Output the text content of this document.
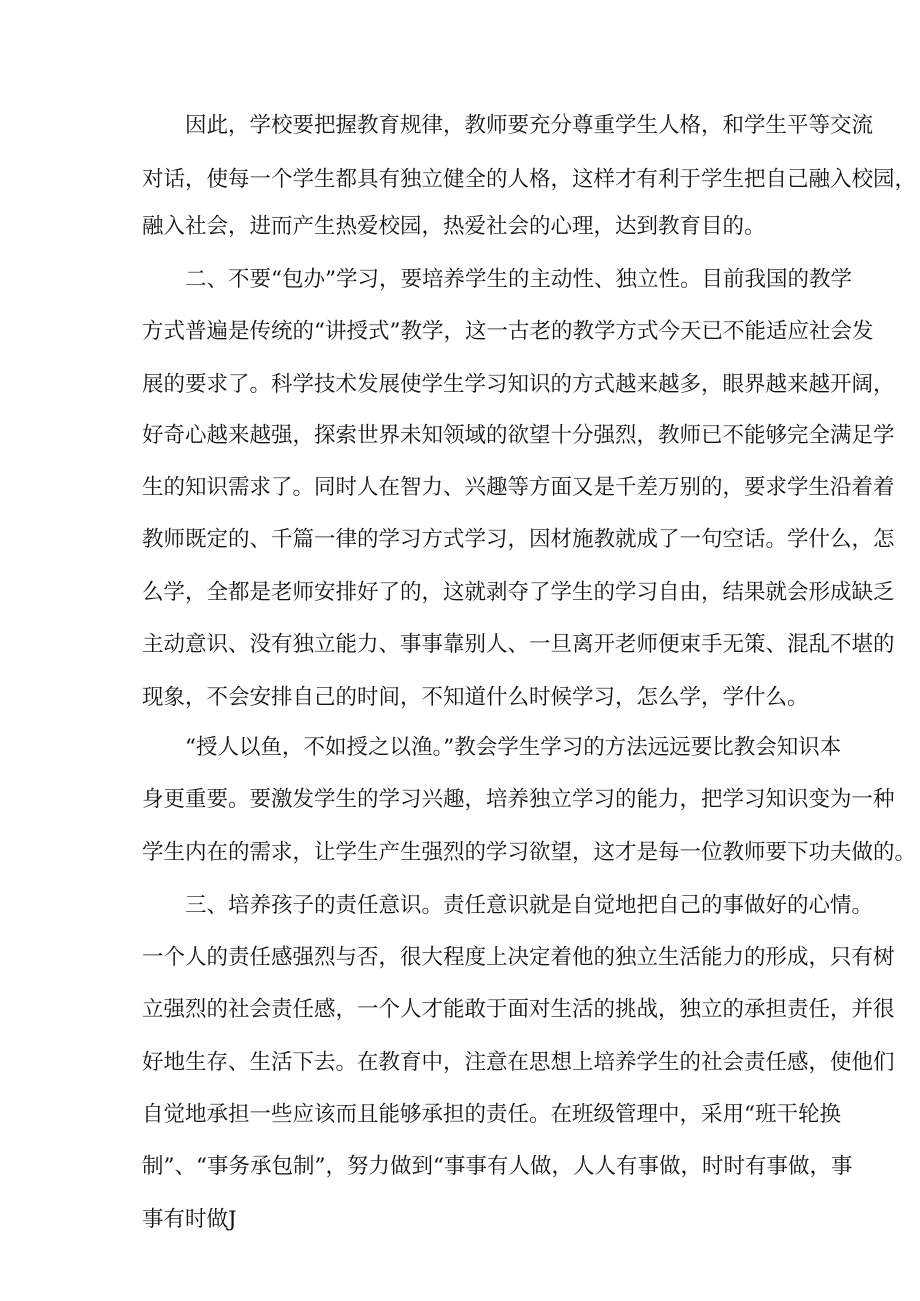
　　因此，学校要把握教育规律，教师要充分尊重学生人格，和学生平等交流
对话，使每一个学生都具有独立健全的人格，这样才有利于学生把自己融入校园，
融入社会，进而产生热爱校园，热爱社会的心理，达到教育目的。
　　二、不要“包办”学习，要培养学生的主动性、独立性。目前我国的教学
方式普遍是传统的“讲授式”教学，这一古老的教学方式今天已不能适应社会发
展的要求了。科学技术发展使学生学习知识的方式越来越多，眼界越来越开阔，
好奇心越来越强，探索世界未知领域的欲望十分强烈，教师已不能够完全满足学
生的知识需求了。同时人在智力、兴趣等方面又是千差万别的，要求学生沿着着
教师既定的、千篇一律的学习方式学习，因材施教就成了一句空话。学什么，怎
么学，全都是老师安排好了的，这就剥夺了学生的学习自由，结果就会形成缺乏
主动意识、没有独立能力、事事靠别人、一旦离开老师便束手无策、混乱不堪的
现象，不会安排自己的时间，不知道什么时候学习，怎么学，学什么。
　　“授人以鱼，不如授之以渔。”教会学生学习的方法远远要比教会知识本
身更重要。要激发学生的学习兴趣，培养独立学习的能力，把学习知识变为一种
学生内在的需求，让学生产生强烈的学习欲望，这才是每一位教师要下功夫做的。
　　三、培养孩子的责任意识。责任意识就是自觉地把自己的事做好的心情。
一个人的责任感强烈与否，很大程度上决定着他的独立生活能力的形成，只有树
立强烈的社会责任感，一个人才能敢于面对生活的挑战，独立的承担责任，并很
好地生存、生活下去。在教育中，注意在思想上培养学生的社会责任感，使他们
自觉地承担一些应该而且能够承担的责任。在班级管理中，采用“班干轮换
制”、“事务承包制”，努力做到“事事有人做，人人有事做，时时有事做，事
事有时做J
